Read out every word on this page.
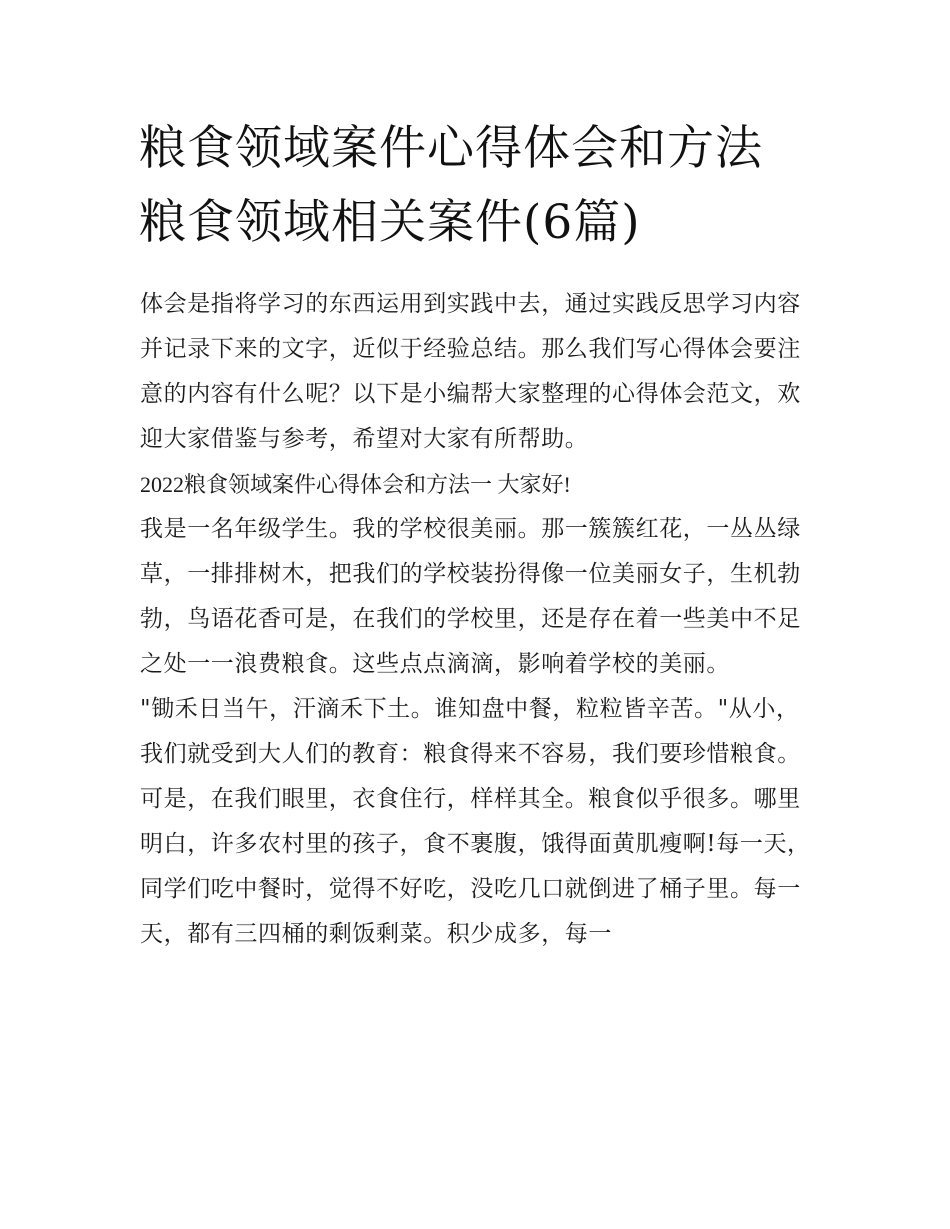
粮食领域案件心得体会和方法
粮食领域相关案件(6篇)

体会是指将学习的东西运用到实践中去，通过实践反思学习内容并记录下来的文字，近似于经验总结。那么我们写心得体会要注意的内容有什么呢？以下是小编帮大家整理的心得体会范文，欢迎大家借鉴与参考，希望对大家有所帮助。

2022粮食领域案件心得体会和方法一 大家好!

我是一名年级学生。我的学校很美丽。那一簇簇红花，一丛丛绿草，一排排树木，把我们的学校装扮得像一位美丽女子，生机勃勃，鸟语花香可是，在我们的学校里，还是存在着一些美中不足之处一一浪费粮食。这些点点滴滴，影响着学校的美丽。

"锄禾日当午，汗滴禾下土。谁知盘中餐，粒粒皆辛苦。"从小，我们就受到大人们的教育：粮食得来不容易，我们要珍惜粮食。可是，在我们眼里，衣食住行，样样其全。粮食似乎很多。哪里明白，许多农村里的孩子，食不裹腹，饿得面黄肌瘦啊!每一天，同学们吃中餐时，觉得不好吃，没吃几口就倒进了桶子里。每一天，都有三四桶的剩饭剩菜。积少成多，每一
